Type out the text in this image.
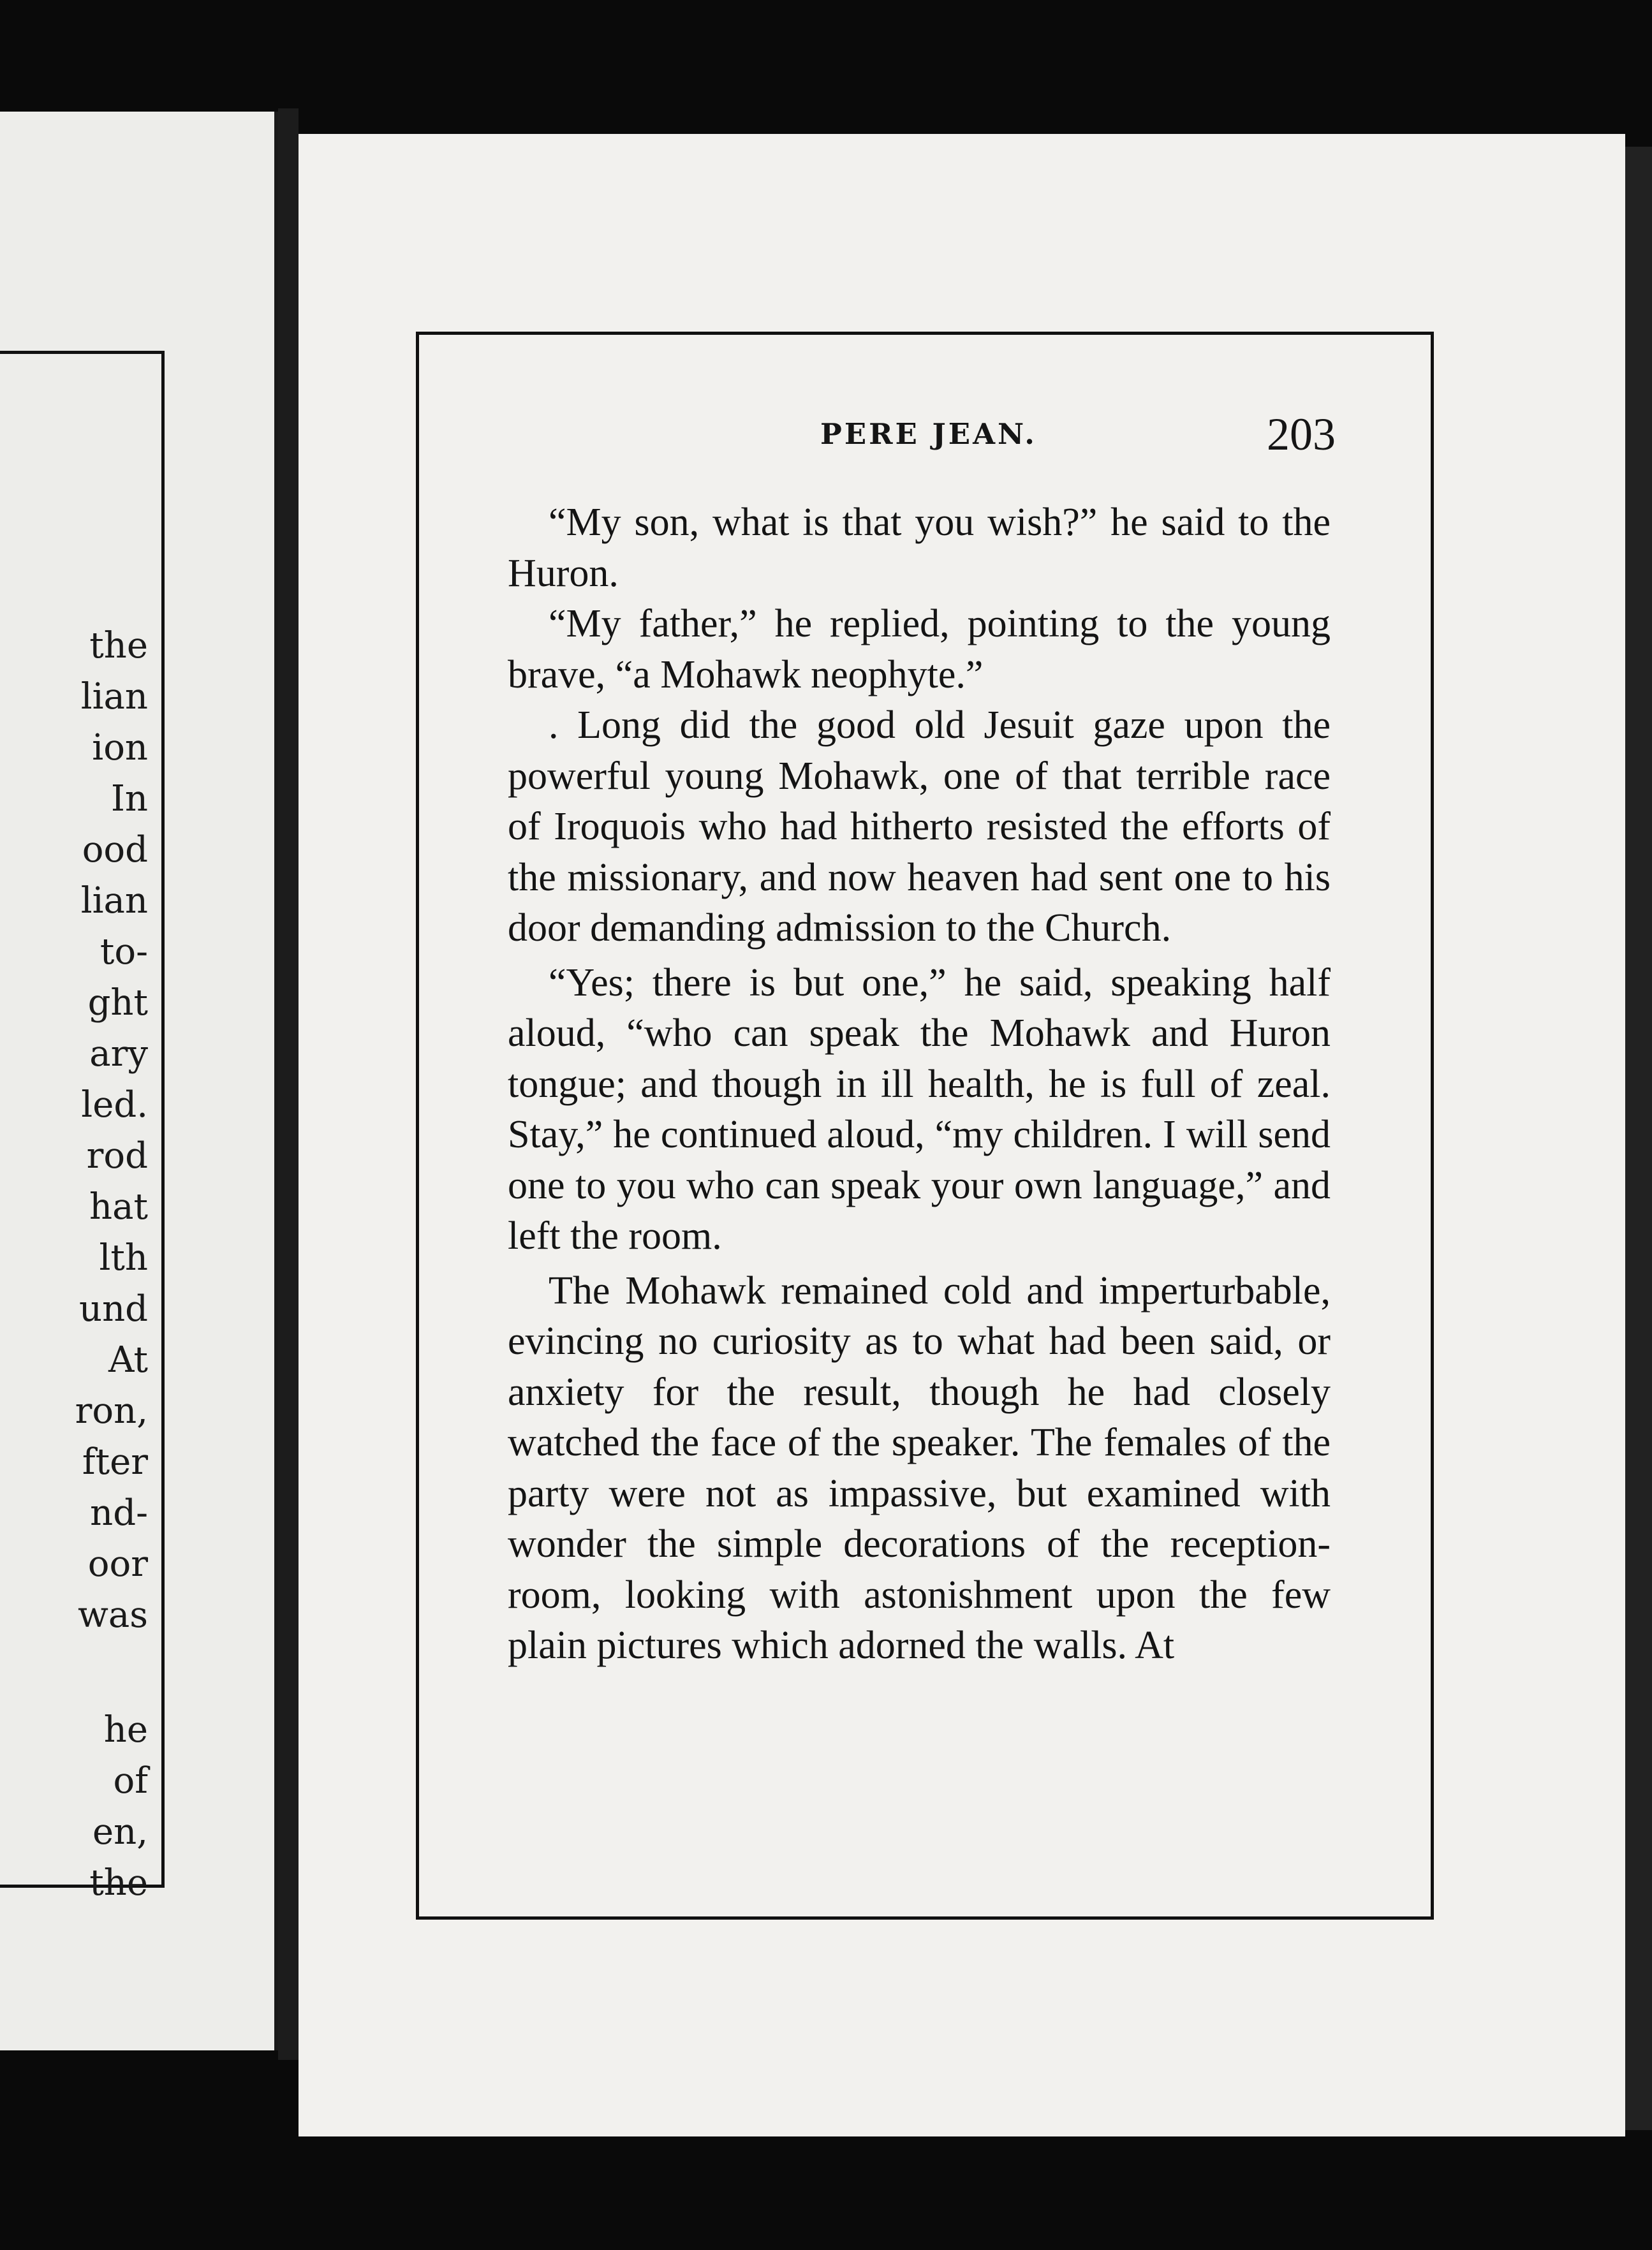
the
lian
ion
In
ood
lian
to-
ght
ary
led.
rod
hat
lth
und
At
ron,
fter
nd-
oor
was
he
of
en,
the
PERE JEAN.	203

“My son, what is that you wish?” he said to the Huron.

“My father,” he replied, pointing to the young brave, “a Mohawk neophyte.”

. Long did the good old Jesuit gaze upon the powerful young Mohawk, one of that terrible race of Iroquois who had hitherto resisted the efforts of the missionary, and now heaven had sent one to his door demanding admission to the Church.

“Yes; there is but one,” he said, speaking half aloud, “who can speak the Mohawk and Huron tongue; and though in ill health, he is full of zeal. Stay,” he continued aloud, “my children. I will send one to you who can speak your own language,” and left the room.

The Mohawk remained cold and imperturbable, evincing no curiosity as to what had been said, or anxiety for the result, though he had closely watched the face of the speaker. The females of the party were not as impassive, but examined with wonder the simple decorations of the reception-room, looking with astonishment upon the few plain pictures which adorned the walls. At
